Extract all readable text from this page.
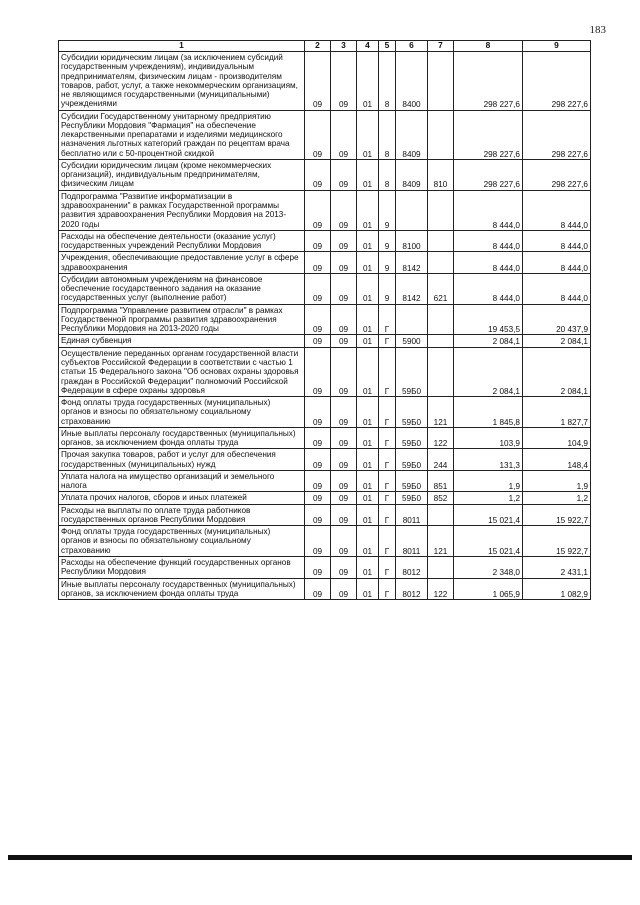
183
1	2	3	4	5	6	7	8	9
Субсидии юридическим лицам (за исключением субсидий государственным учреждениям), индивидуальным предпринимателям, физическим лицам - производителям товаров, работ, услуг, а также некоммерческим организациям, не являющимся государственными (муниципальными) учреждениями	09	09	01	8	8400		298 227,6	298 227,6
Субсидии Государственному унитарному предприятию Республики Мордовия "Фармация" на обеспечение лекарственными препаратами и изделиями медицинского назначения льготных категорий граждан по рецептам врача бесплатно или с 50-процентной скидкой	09	09	01	8	8409		298 227,6	298 227,6
Субсидии юридическим лицам (кроме некоммерческих организаций), индивидуальным предпринимателям, физическим лицам	09	09	01	8	8409	810	298 227,6	298 227,6
Подпрограмма "Развитие информатизации в здравоохранении" в рамках Государственной программы развития здравоохранения Республики Мордовия на 2013-2020 годы	09	09	01	9			8 444,0	8 444,0
Расходы на обеспечение деятельности (оказание услуг) государственных учреждений Республики Мордовия	09	09	01	9	8100		8 444,0	8 444,0
Учреждения, обеспечивающие предоставление услуг в сфере здравоохранения	09	09	01	9	8142		8 444,0	8 444,0
Субсидии автономным учреждениям на финансовое обеспечение государственного задания на оказание государственных услуг (выполнение работ)	09	09	01	9	8142	621	8 444,0	8 444,0
Подпрограмма "Управление развитием отрасли" в рамках Государственной программы развития здравоохранения Республики Мордовия на 2013-2020 годы	09	09	01	Г			19 453,5	20 437,9
Единая субвенция	09	09	01	Г	5900		2 084,1	2 084,1
Осуществление переданных органам государственной власти субъектов Российской Федерации в соответствии с частью 1 статьи 15 Федерального закона "Об основах охраны здоровья граждан в Российской Федерации" полномочий Российской Федерации в сфере охраны здоровья	09	09	01	Г	59Б0		2 084,1	2 084,1
Фонд оплаты труда государственных (муниципальных) органов и взносы по обязательному социальному страхованию	09	09	01	Г	59Б0	121	1 845,8	1 827,7
Иные выплаты персоналу государственных (муниципальных) органов, за исключением фонда оплаты труда	09	09	01	Г	59Б0	122	103,9	104,9
Прочая закупка товаров, работ и услуг для обеспечения государственных (муниципальных) нужд	09	09	01	Г	59Б0	244	131,3	148,4
Уплата налога на имущество организаций и земельного налога	09	09	01	Г	59Б0	851	1,9	1,9
Уплата прочих налогов, сборов и иных платежей	09	09	01	Г	59Б0	852	1,2	1,2
Расходы на выплаты по оплате труда работников государственных органов Республики Мордовия	09	09	01	Г	8011		15 021,4	15 922,7
Фонд оплаты труда государственных (муниципальных) органов и взносы по обязательному социальному страхованию	09	09	01	Г	8011	121	15 021,4	15 922,7
Расходы на обеспечение функций государственных органов Республики Мордовия	09	09	01	Г	8012		2 348,0	2 431,1
Иные выплаты персоналу государственных (муниципальных) органов, за исключением фонда оплаты труда	09	09	01	Г	8012	122	1 065,9	1 082,9
